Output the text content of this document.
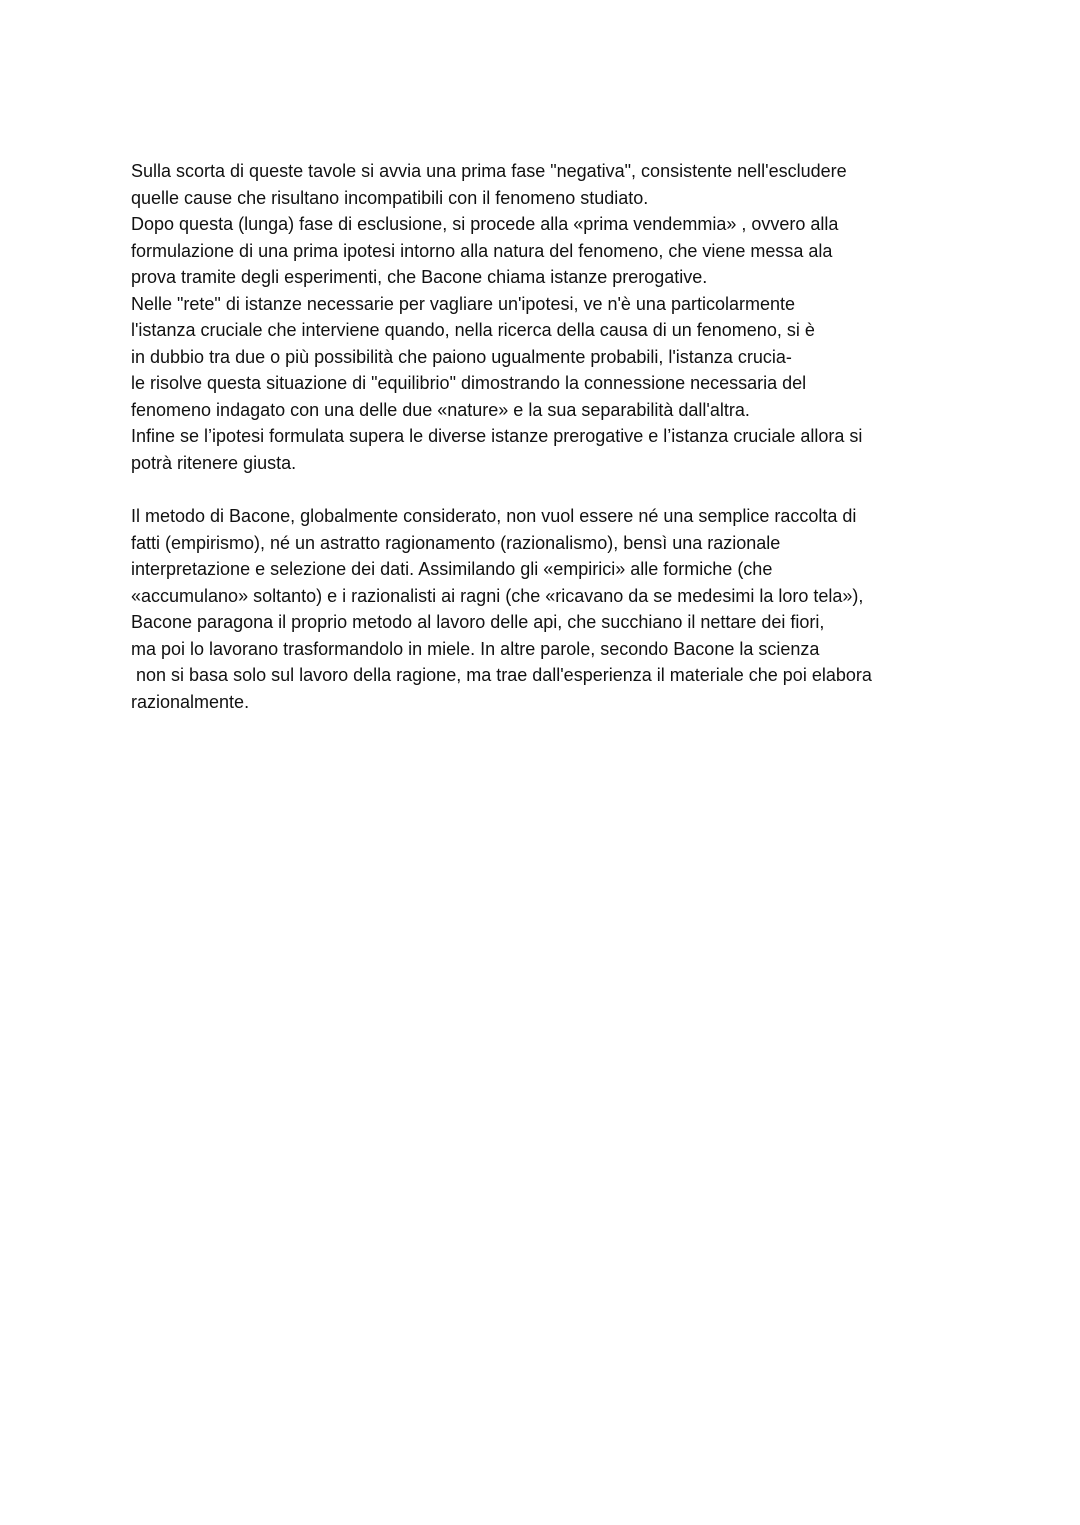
Sulla scorta di queste tavole si avvia una prima fase "negativa", consistente nell'escludere
quelle cause che risultano incompatibili con il fenomeno studiato.
Dopo questa (lunga) fase di esclusione, si procede alla «prima vendemmia» , ovvero alla
formulazione di una prima ipotesi intorno alla natura del fenomeno, che viene messa ala
prova tramite degli esperimenti, che Bacone chiama istanze prerogative.
Nelle "rete" di istanze necessarie per vagliare un'ipotesi, ve n'è una particolarmente
l'istanza cruciale che interviene quando, nella ricerca della causa di un fenomeno, si è
in dubbio tra due o più possibilità che paiono ugualmente probabili, l'istanza crucia-
le risolve questa situazione di "equilibrio" dimostrando la connessione necessaria del
fenomeno indagato con una delle due «nature» e la sua separabilità dall'altra.
Infine se l’ipotesi formulata supera le diverse istanze prerogative e l’istanza cruciale allora si
potrà ritenere giusta.
Il metodo di Bacone, globalmente considerato, non vuol essere né una semplice raccolta di
fatti (empirismo), né un astratto ragionamento (razionalismo), bensì una razionale
interpretazione e selezione dei dati. Assimilando gli «empirici» alle formiche (che
«accumulano» soltanto) e i razionalisti ai ragni (che «ricavano da se medesimi la loro tela»),
Bacone paragona il proprio metodo al lavoro delle api, che succhiano il nettare dei fiori,
ma poi lo lavorano trasformandolo in miele. In altre parole, secondo Bacone la scienza
non si basa solo sul lavoro della ragione, ma trae dall'esperienza il materiale che poi elabora
razionalmente.
